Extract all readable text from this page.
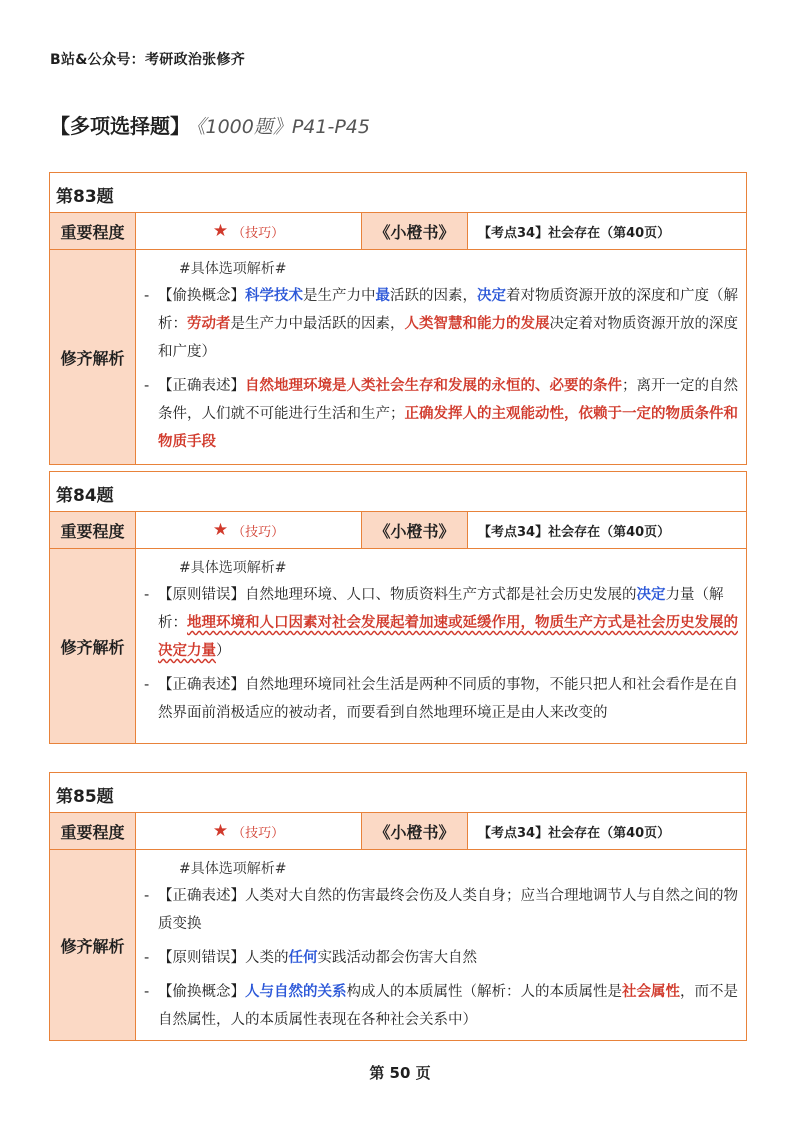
B站&公众号：考研政治张修齐
【多项选择题】 《1000题》P41-P45
第83题
重要程度	★ （技巧）	《小橙书》	【考点34】社会存在（第40页）
修齐解析
#具体选项解析#
- 【偷换概念】科学技术是生产力中最活跃的因素，决定着对物质资源开放的深度和广度（解析：劳动者是生产力中最活跃的因素，人类智慧和能力的发展决定着对物质资源开放的深度和广度）
- 【正确表述】自然地理环境是人类社会生存和发展的永恒的、必要的条件；离开一定的自然条件，人们就不可能进行生活和生产；正确发挥人的主观能动性，依赖于一定的物质条件和物质手段
第84题
重要程度	★ （技巧）	《小橙书》	【考点34】社会存在（第40页）
修齐解析
#具体选项解析#
- 【原则错误】自然地理环境、人口、物质资料生产方式都是社会历史发展的决定力量（解析：地理环境和人口因素对社会发展起着加速或延缓作用，物质生产方式是社会历史发展的决定力量）
- 【正确表述】自然地理环境同社会生活是两种不同质的事物，不能只把人和社会看作是在自然界面前消极适应的被动者，而要看到自然地理环境正是由人来改变的
第85题
重要程度	★ （技巧）	《小橙书》	【考点34】社会存在（第40页）
修齐解析
#具体选项解析#
- 【正确表述】人类对大自然的伤害最终会伤及人类自身；应当合理地调节人与自然之间的物质变换
- 【原则错误】人类的任何实践活动都会伤害大自然
- 【偷换概念】人与自然的关系构成人的本质属性（解析：人的本质属性是社会属性，而不是自然属性，人的本质属性表现在各种社会关系中）
第 50 页
